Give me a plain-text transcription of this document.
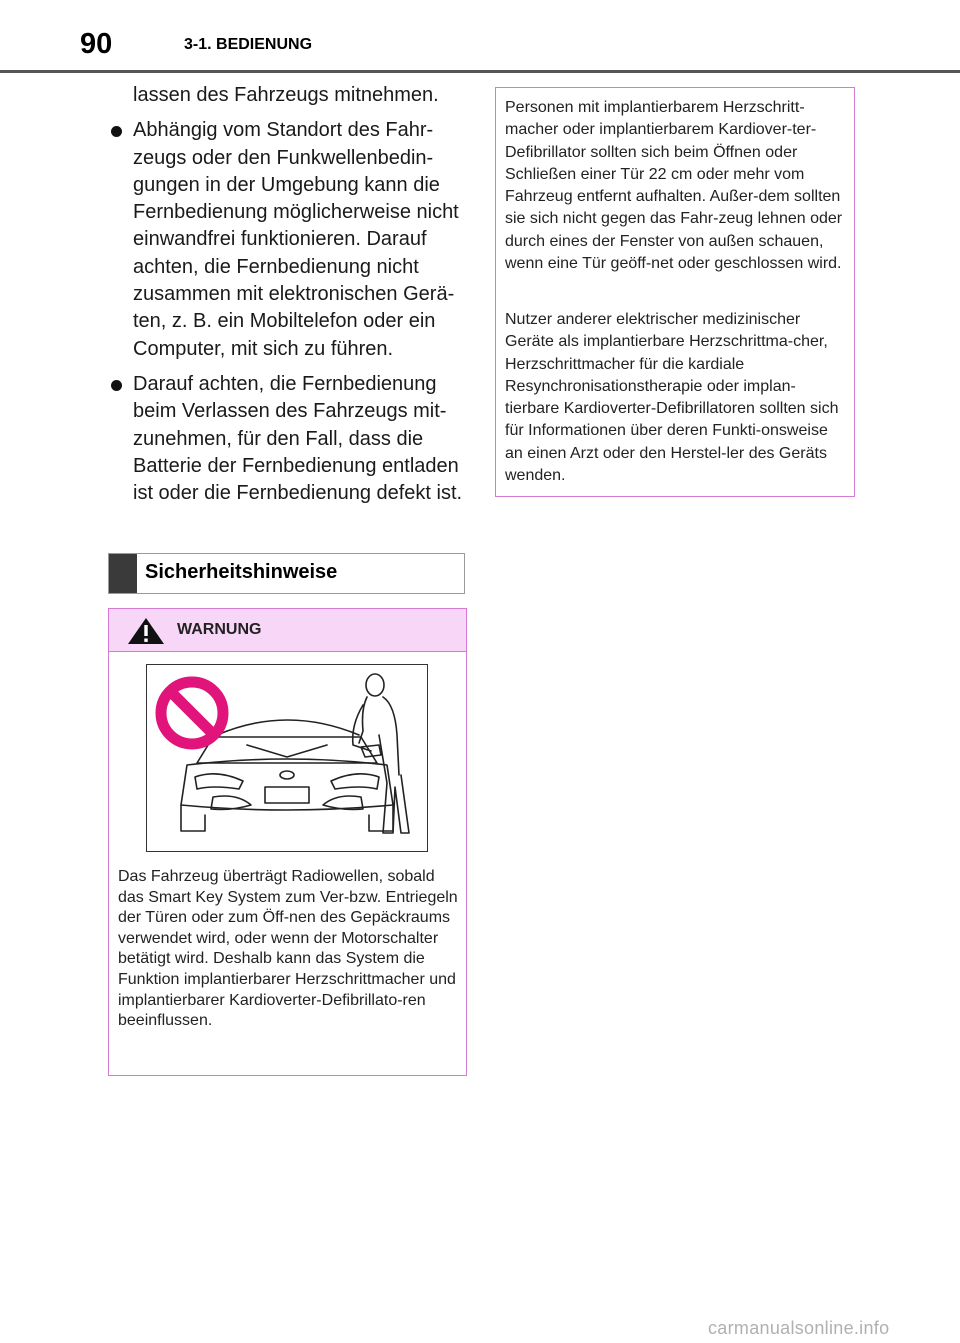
90	3-1. BEDIENUNG

lassen des Fahrzeugs mitnehmen.

Abhängig vom Standort des Fahr-zeugs oder den Funkwellenbedin-gungen in der Umgebung kann die Fernbedienung möglicherweise nicht einwandfrei funktionieren. Darauf achten, die Fernbedienung nicht zusammen mit elektronischen Gerä-ten, z. B. ein Mobiltelefon oder ein Computer, mit sich zu führen.

Darauf achten, die Fernbedienung beim Verlassen des Fahrzeugs mit-zunehmen, für den Fall, dass die Batterie der Fernbedienung entladen ist oder die Fernbedienung defekt ist.

Sicherheitshinweise
WARNUNG

Das Fahrzeug überträgt Radiowellen, sobald das Smart Key System zum Ver-bzw. Entriegeln der Türen oder zum Öff-nen des Gepäckraums verwendet wird, oder wenn der Motorschalter betätigt wird. Deshalb kann das System die Funktion implantierbarer Herzschrittmacher und implantierbarer Kardioverter-Defibrillato-ren beeinflussen.

Personen mit implantierbarem Herzschritt-macher oder implantierbarem Kardiover-ter-Defibrillator sollten sich beim Öffnen oder Schließen einer Tür 22 cm oder mehr vom Fahrzeug entfernt aufhalten. Außer-dem sollten sie sich nicht gegen das Fahr-zeug lehnen oder durch eines der Fenster von außen schauen, wenn eine Tür geöff-net oder geschlossen wird.

Nutzer anderer elektrischer medizinischer Geräte als implantierbare Herzschrittma-cher, Herzschrittmacher für die kardiale Resynchronisationstherapie oder implan-tierbare Kardioverter-Defibrillatoren sollten sich für Informationen über deren Funkti-onsweise an einen Arzt oder den Herstel-ler des Geräts wenden.

carmanualsonline.info
